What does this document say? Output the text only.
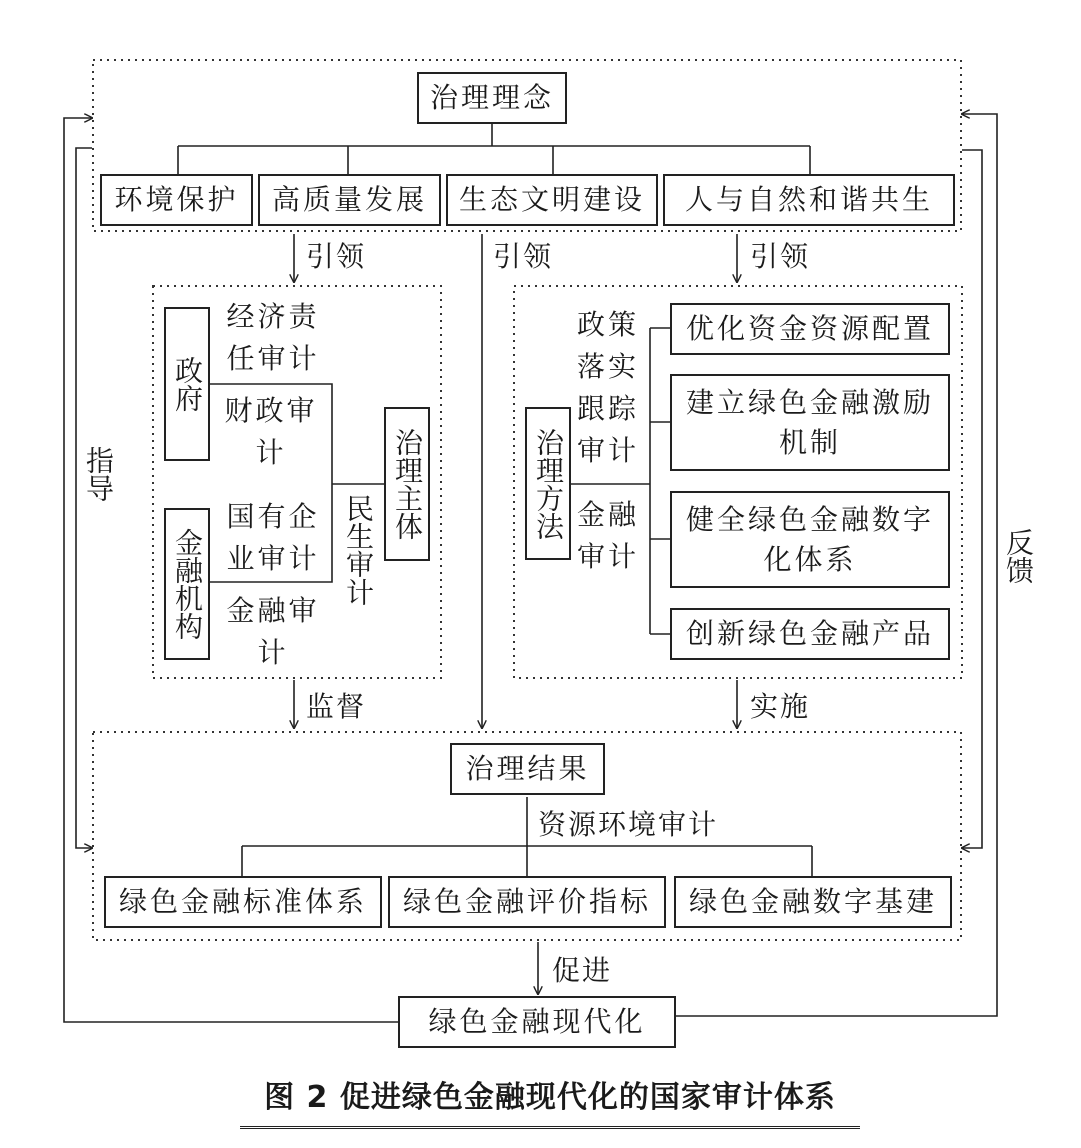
治理理念
环境保护 高质量发展 生态文明建设 人与自然和谐共生
引领	引领	引领
监督	实施
促进
指导
反馈
政府
金融机构
治理主体
经济责任审计
财政审计
国有企业审计
金融审计
民生审计
治理方法
政策落实跟踪审计
金融审计
优化资金资源配置
建立绿色金融激励机制
健全绿色金融数字化体系
创新绿色金融产品
治理结果
资源环境审计
绿色金融标准体系 绿色金融评价指标 绿色金融数字基建
绿色金融现代化
图 2 促进绿色金融现代化的国家审计体系
